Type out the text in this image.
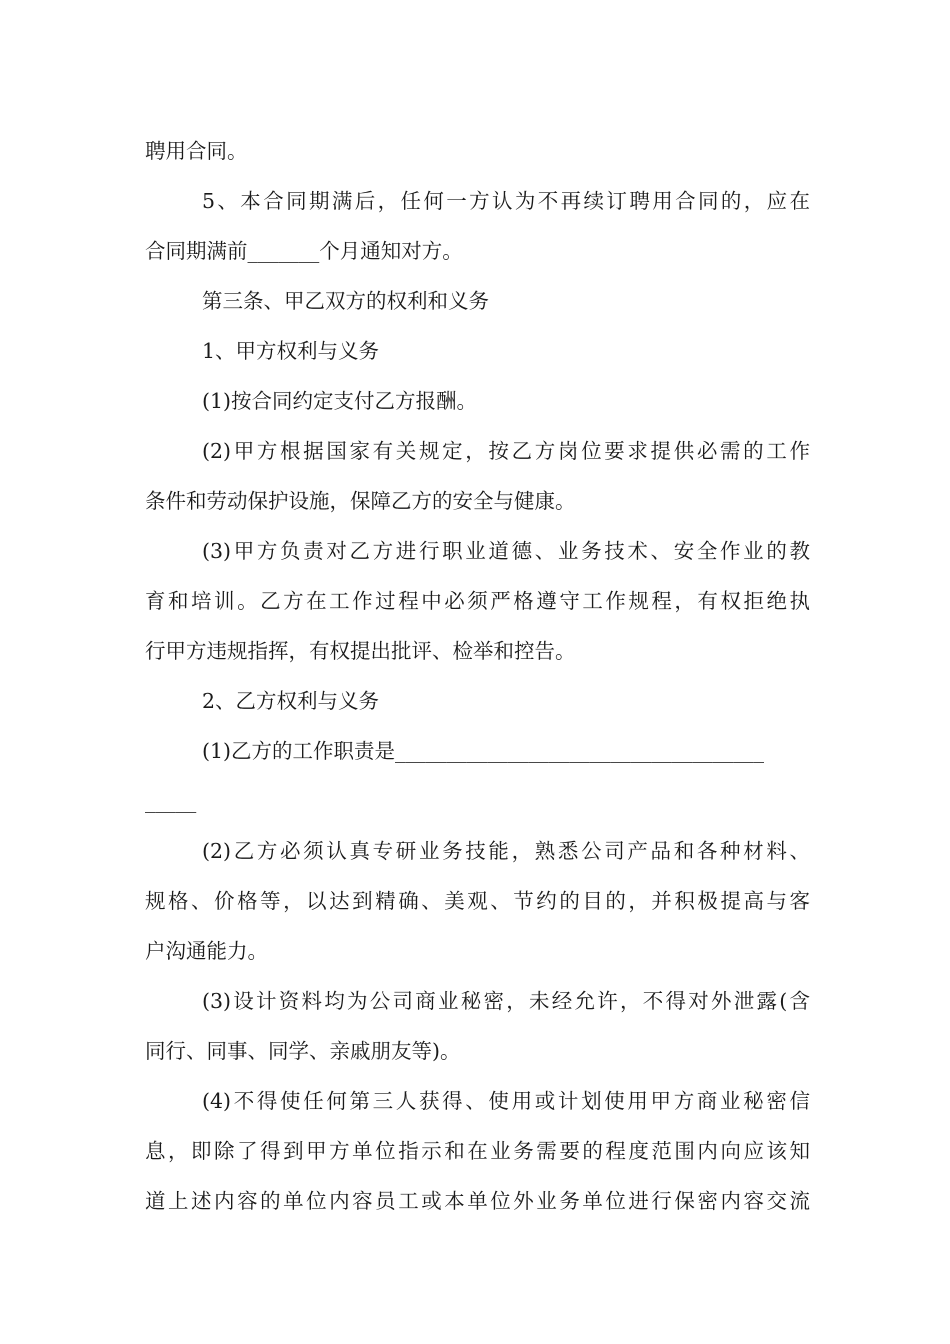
聘用合同。
5、本合同期满后，任何一方认为不再续订聘用合同的，应在
合同期满前_______个月通知对方。
第三条、甲乙双方的权利和义务
1、甲方权利与义务
(1)按合同约定支付乙方报酬。
(2)甲方根据国家有关规定，按乙方岗位要求提供必需的工作
条件和劳动保护设施，保障乙方的安全与健康。
(3)甲方负责对乙方进行职业道德、业务技术、安全作业的教
育和培训。乙方在工作过程中必须严格遵守工作规程，有权拒绝执
行甲方违规指挥，有权提出批评、检举和控告。
2、乙方权利与义务
(1)乙方的工作职责是____________________________________
_____
(2)乙方必须认真专研业务技能，熟悉公司产品和各种材料、
规格、价格等，以达到精确、美观、节约的目的，并积极提高与客
户沟通能力。
(3)设计资料均为公司商业秘密，未经允许，不得对外泄露(含
同行、同事、同学、亲戚朋友等)。
(4)不得使任何第三人获得、使用或计划使用甲方商业秘密信
息，即除了得到甲方单位指示和在业务需要的程度范围内向应该知
道上述内容的单位内容员工或本单位外业务单位进行保密内容交流
